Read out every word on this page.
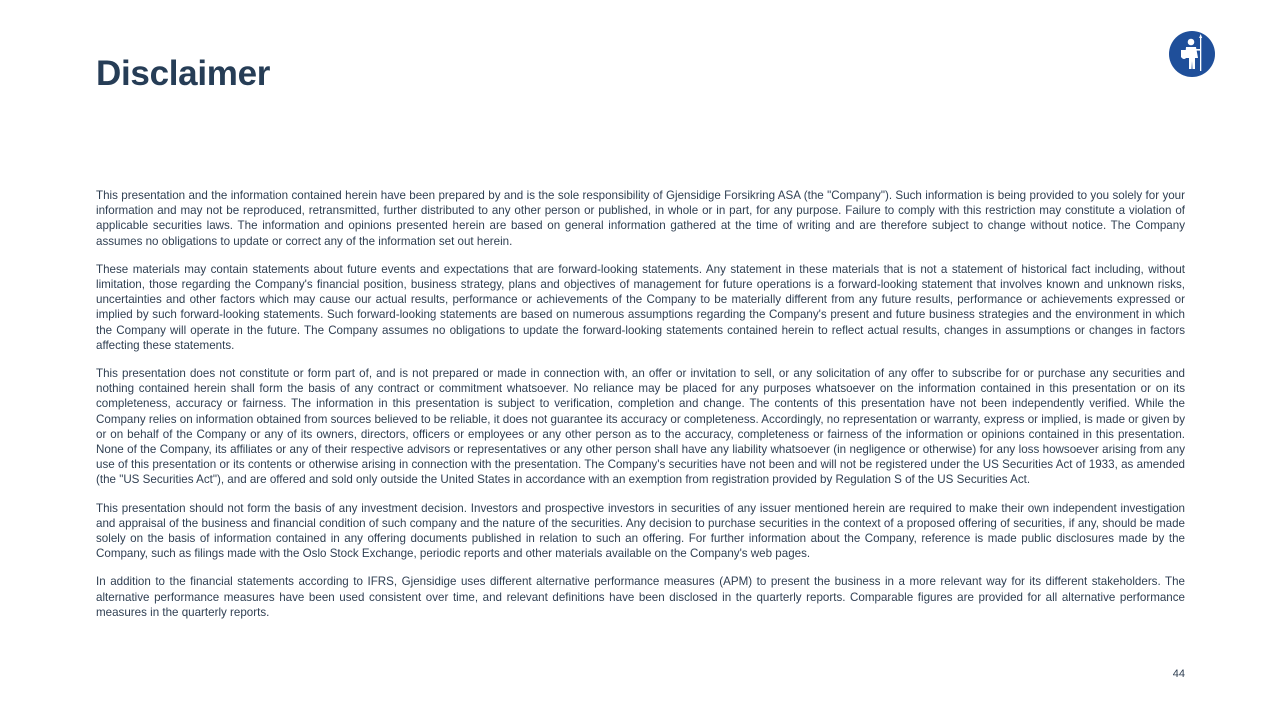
Disclaimer

This presentation and the information contained herein have been prepared by and is the sole responsibility of Gjensidige Forsikring ASA (the "Company"). Such information is being provided to you solely for your information and may not be reproduced, retransmitted, further distributed to any other person or published, in whole or in part, for any purpose. Failure to comply with this restriction may constitute a violation of applicable securities laws. The information and opinions presented herein are based on general information gathered at the time of writing and are therefore subject to change without notice. The Company assumes no obligations to update or correct any of the information set out herein.

These materials may contain statements about future events and expectations that are forward-looking statements. Any statement in these materials that is not a statement of historical fact including, without limitation, those regarding the Company's financial position, business strategy, plans and objectives of management for future operations is a forward-looking statement that involves known and unknown risks, uncertainties and other factors which may cause our actual results, performance or achievements of the Company to be materially different from any future results, performance or achievements expressed or implied by such forward-looking statements. Such forward-looking statements are based on numerous assumptions regarding the Company's present and future business strategies and the environment in which the Company will operate in the future. The Company assumes no obligations to update the forward-looking statements contained herein to reflect actual results, changes in assumptions or changes in factors affecting these statements.

This presentation does not constitute or form part of, and is not prepared or made in connection with, an offer or invitation to sell, or any solicitation of any offer to subscribe for or purchase any securities and nothing contained herein shall form the basis of any contract or commitment whatsoever. No reliance may be placed for any purposes whatsoever on the information contained in this presentation or on its completeness, accuracy or fairness. The information in this presentation is subject to verification, completion and change. The contents of this presentation have not been independently verified. While the Company relies on information obtained from sources believed to be reliable, it does not guarantee its accuracy or completeness. Accordingly, no representation or warranty, express or implied, is made or given by or on behalf of the Company or any of its owners, directors, officers or employees or any other person as to the accuracy, completeness or fairness of the information or opinions contained in this presentation. None of the Company, its affiliates or any of their respective advisors or representatives or any other person shall have any liability whatsoever (in negligence or otherwise) for any loss howsoever arising from any use of this presentation or its contents or otherwise arising in connection with the presentation. The Company's securities have not been and will not be registered under the US Securities Act of 1933, as amended (the "US Securities Act"), and are offered and sold only outside the United States in accordance with an exemption from registration provided by Regulation S of the US Securities Act.

This presentation should not form the basis of any investment decision. Investors and prospective investors in securities of any issuer mentioned herein are required to make their own independent investigation and appraisal of the business and financial condition of such company and the nature of the securities. Any decision to purchase securities in the context of a proposed offering of securities, if any, should be made solely on the basis of information contained in any offering documents published in relation to such an offering. For further information about the Company, reference is made public disclosures made by the Company, such as filings made with the Oslo Stock Exchange, periodic reports and other materials available on the Company's web pages.

In addition to the financial statements according to IFRS, Gjensidige uses different alternative performance measures (APM) to present the business in a more relevant way for its different stakeholders. The alternative performance measures have been used consistent over time, and relevant definitions have been disclosed in the quarterly reports. Comparable figures are provided for all alternative performance measures in the quarterly reports.

44
